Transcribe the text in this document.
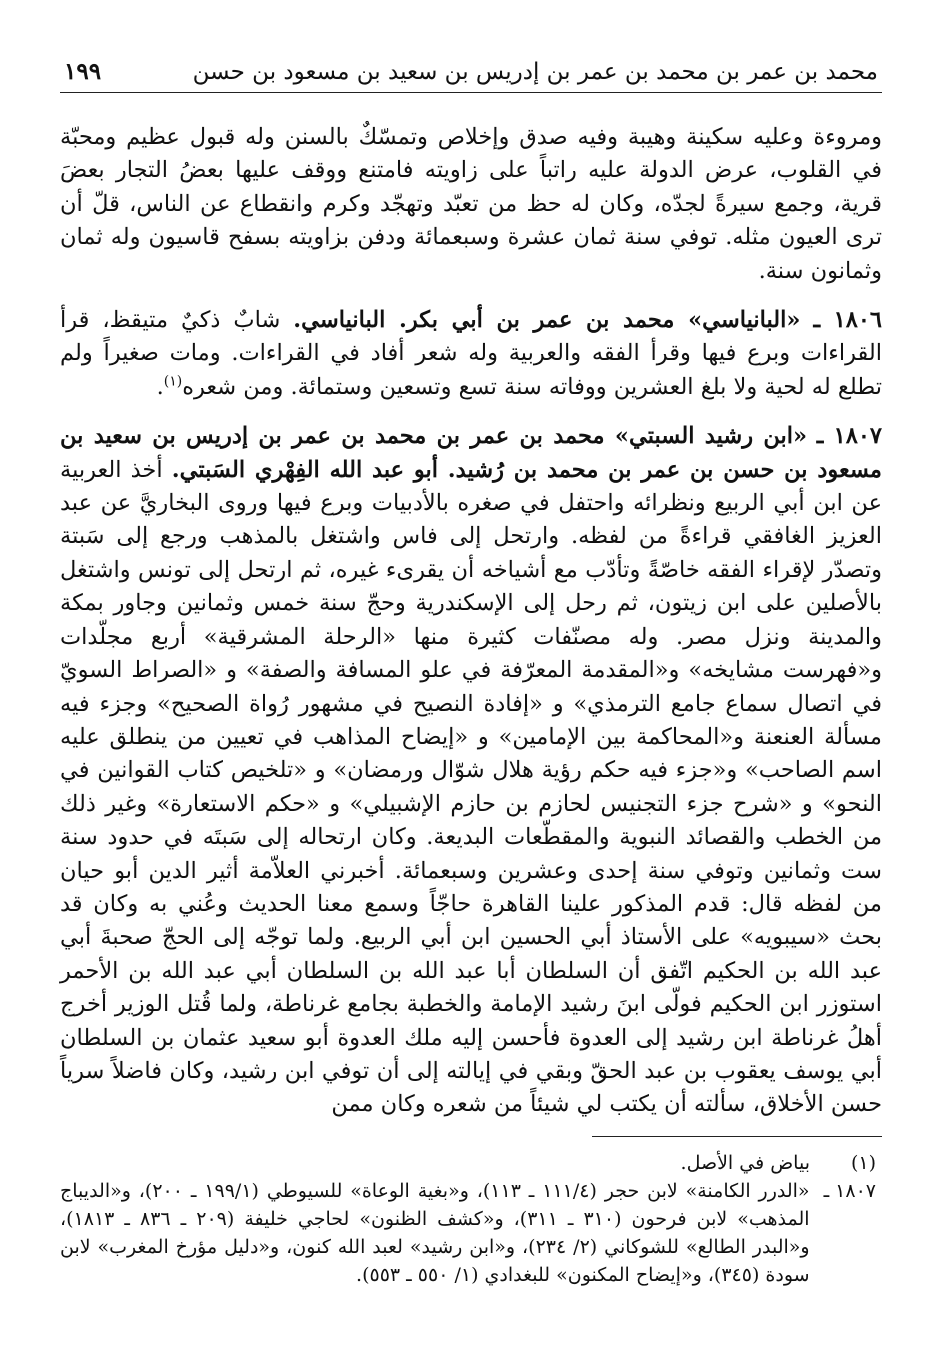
محمد بن عمر بن محمد بن عمر بن إدريس بن سعيد بن مسعود بن حسن
١٩٩

ومروءة وعليه سكينة وهيبة وفيه صدق وإخلاص وتمسّكٌ بالسنن وله قبول عظيم ومحبّة في القلوب، عرض الدولة عليه راتباً على زاويته فامتنع ووقف عليها بعضُ التجار بعضَ قرية، وجمع سيرةً لجدّه، وكان له حظ من تعبّد وتهجّد وكرم وانقطاع عن الناس، قلّ أن ترى العيون مثله. توفي سنة ثمان عشرة وسبعمائة ودفن بزاويته بسفح قاسيون وله ثمان وثمانون سنة.

١٨٠٦ ـ «البانياسي» محمد بن عمر بن أبي بكر. البانياسي. شابٌ ذكيٌ متيقظ، قرأ القراءات وبرع فيها وقرأ الفقه والعربية وله شعر أفاد في القراءات. ومات صغيراً ولم تطلع له لحية ولا بلغ العشرين ووفاته سنة تسع وتسعين وستمائة. ومن شعره$^{(١)}$.

١٨٠٧ ـ «ابن رشيد السبتي» محمد بن عمر بن محمد بن عمر بن إدريس بن سعيد بن مسعود بن حسن بن عمر بن محمد بن رُشيد. أبو عبد الله الفِهْري السَبتي. أخذ العربية عن ابن أبي الربيع ونظرائه واحتفل في صغره بالأدبيات وبرع فيها وروى البخاريَّ عن عبد العزيز الغافقي قراءةً من لفظه. وارتحل إلى فاس واشتغل بالمذهب ورجع إلى سَبتة وتصدّر لإقراء الفقه خاصّةً وتأدّب مع أشياخه أن يقرىء غيره، ثم ارتحل إلى تونس واشتغل بالأصلين على ابن زيتون، ثم رحل إلى الإسكندرية وحجّ سنة خمس وثمانين وجاور بمكة والمدينة ونزل مصر. وله مصنّفات كثيرة منها «الرحلة المشرقية» أربع مجلّدات و«فهرست مشايخه» و«المقدمة المعرّفة في علو المسافة والصفة» و «الصراط السويّ في اتصال سماع جامع الترمذي» و «إفادة النصيح في مشهور رُواة الصحيح» وجزء فيه مسألة العنعنة و«المحاكمة بين الإمامين» و «إيضاح المذاهب في تعيين من ينطلق عليه اسم الصاحب» و«جزء فيه حكم رؤية هلال شوّال ورمضان» و «تلخيص كتاب القوانين في النحو» و «شرح جزء التجنيس لحازم بن حازم الإشبيلي» و «حكم الاستعارة» وغير ذلك من الخطب والقصائد النبوية والمقطّعات البديعة. وكان ارتحاله إلى سَبتَه في حدود سنة ست وثمانين وتوفي سنة إحدى وعشرين وسبعمائة. أخبرني العلاّمة أثير الدين أبو حيان من لفظه قال: قدم المذكور علينا القاهرة حاجّاً وسمع معنا الحديث وعُني به وكان قد بحث «سيبويه» على الأستاذ أبي الحسين ابن أبي الربيع. ولما توجّه إلى الحجّ صحبةَ أبي عبد الله بن الحكيم اتّفق أن السلطان أبا عبد الله بن السلطان أبي عبد الله بن الأحمر استوزر ابن الحكيم فولّى ابنَ رشيد الإمامة والخطبة بجامع غرناطة، ولما قُتل الوزير أخرج أهلُ غرناطة ابن رشيد إلى العدوة فأحسن إليه ملك العدوة أبو سعيد عثمان بن السلطان أبي يوسف يعقوب بن عبد الحقّ وبقي في إيالته إلى أن توفي ابن رشيد، وكان فاضلاً سرياً حسن الأخلاق، سألته أن يكتب لي شيئاً من شعره وكان ممن

(١)
بياض في الأصل.
١٨٠٧ ـ
«الدرر الكامنة» لابن حجر (١١١/٤ ـ ١١٣)، و«بغية الوعاة» للسيوطي (١٩٩/١ ـ ٢٠٠)، و«الديباج المذهب» لابن فرحون (٣١٠ ـ ٣١١)، و«كشف الظنون» لحاجي خليفة (٢٠٩ ـ ٨٣٦ ـ ١٨١٣)، و«البدر الطالع» للشوكاني (٢/ ٢٣٤)، و«ابن رشيد» لعبد الله كنون، و«دليل مؤرخ المغرب» لابن سودة (٣٤٥)، و«إيضاح المكنون» للبغدادي (١/ ٥٥٠ ـ ٥٥٣).
